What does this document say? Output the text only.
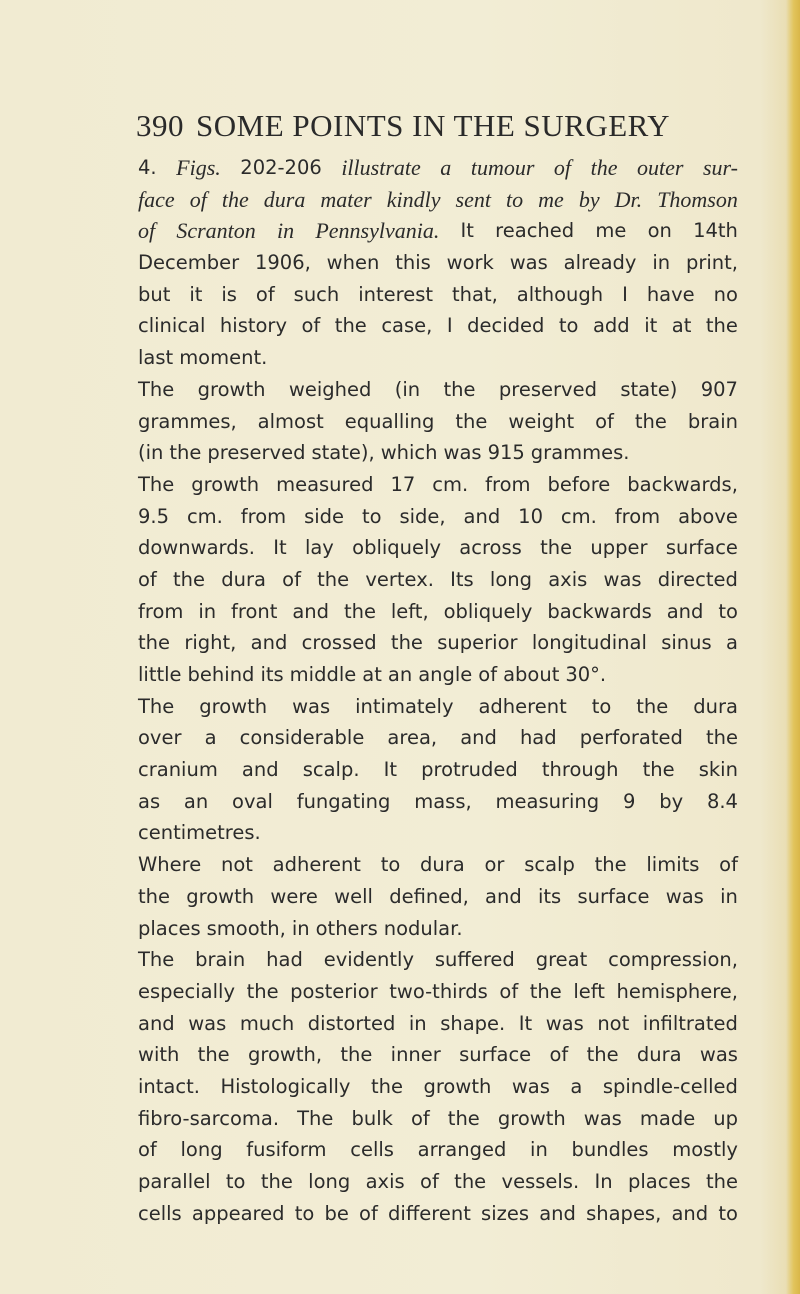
390 SOME POINTS IN THE SURGERY
4. Figs. 202-206 illustrate a tumour of the outer sur-
face of the dura mater kindly sent to me by Dr. Thomson
of Scranton in Pennsylvania. It reached me on 14th
December 1906, when this work was already in print,
but it is of such interest that, although I have no
clinical history of the case, I decided to add it at the
last moment.
The growth weighed (in the preserved state) 907
grammes, almost equalling the weight of the brain
(in the preserved state), which was 915 grammes.
The growth measured 17 cm. from before backwards,
9.5 cm. from side to side, and 10 cm. from above
downwards. It lay obliquely across the upper surface
of the dura of the vertex. Its long axis was directed
from in front and the left, obliquely backwards and to
the right, and crossed the superior longitudinal sinus a
little behind its middle at an angle of about 30°.
The growth was intimately adherent to the dura
over a considerable area, and had perforated the
cranium and scalp. It protruded through the skin
as an oval fungating mass, measuring 9 by 8.4
centimetres.
Where not adherent to dura or scalp the limits of
the growth were well defined, and its surface was in
places smooth, in others nodular.
The brain had evidently suffered great compression,
especially the posterior two-thirds of the left hemisphere,
and was much distorted in shape. It was not infiltrated
with the growth, the inner surface of the dura was
intact. Histologically the growth was a spindle-celled
fibro-sarcoma. The bulk of the growth was made up
of long fusiform cells arranged in bundles mostly
parallel to the long axis of the vessels. In places the
cells appeared to be of different sizes and shapes, and to
